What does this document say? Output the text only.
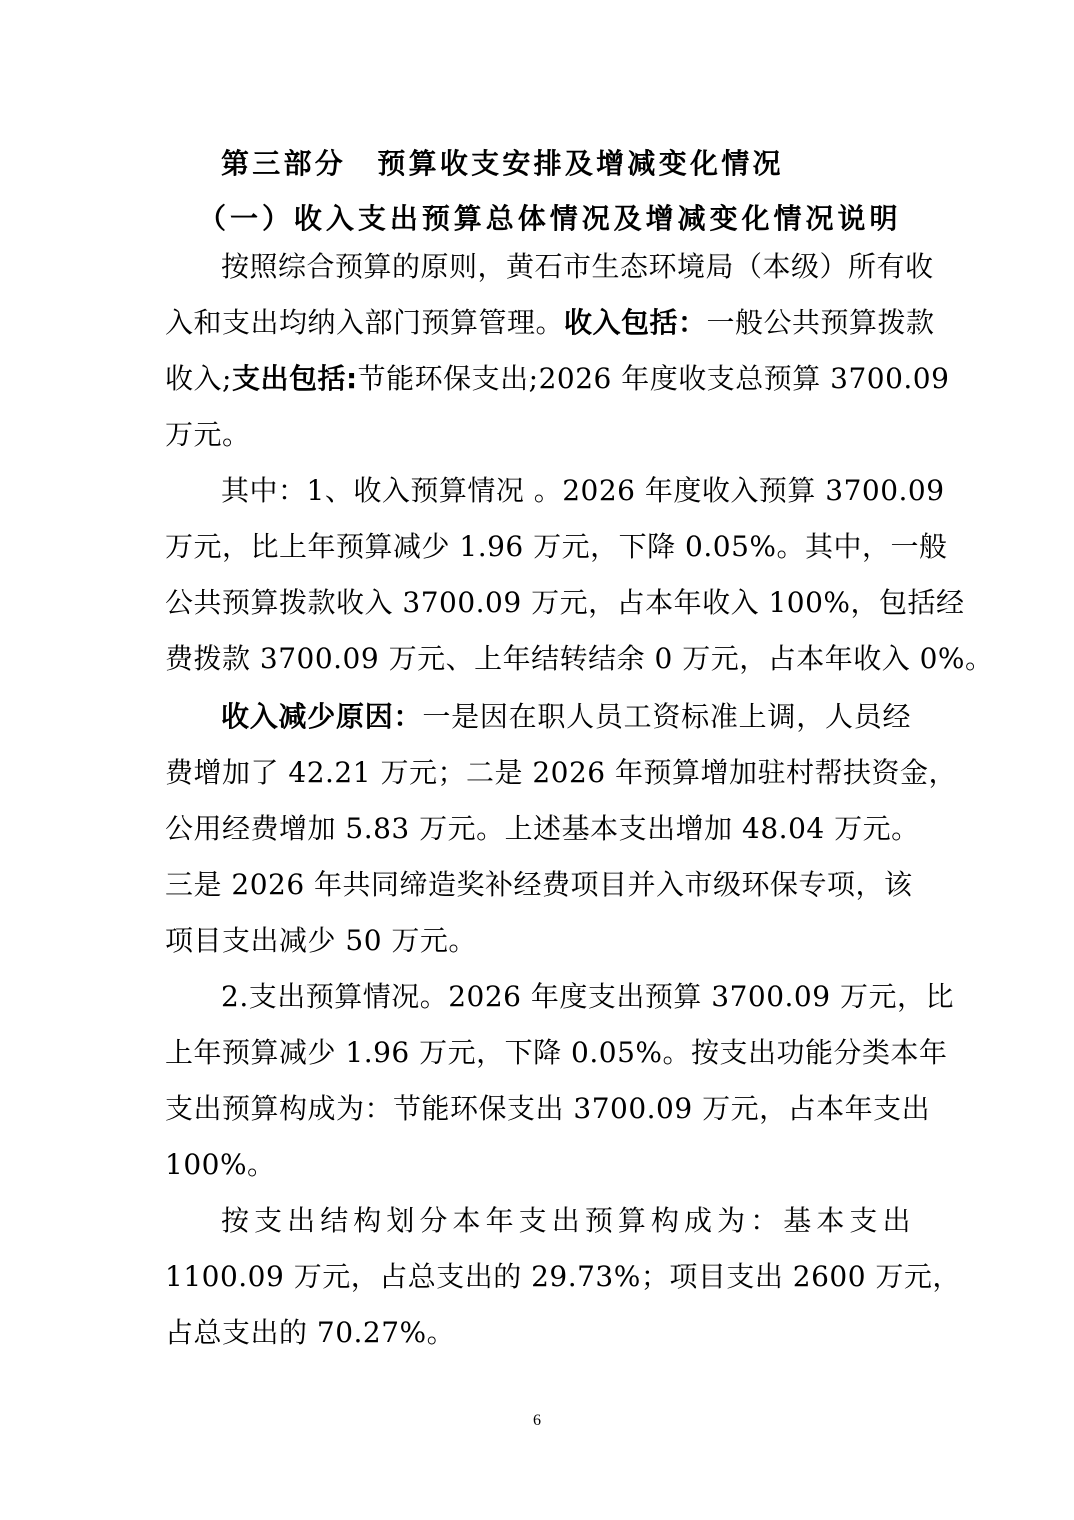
第三部分　预算收支安排及增减变化情况
（一）收入支出预算总体情况及增减变化情况说明
按照综合预算的原则，黄石市生态环境局（本级）所有收
入和支出均纳入部门预算管理。收入包括：一般公共预算拨款
收入;支出包括:节能环保支出;2026 年度收支总预算 3700.09
万元。
其中：1、收入预算情况 。2026 年度收入预算 3700.09
万元，比上年预算减少 1.96 万元，下降 0.05%。其中，一般
公共预算拨款收入 3700.09 万元，占本年收入 100%，包括经
费拨款 3700.09 万元、上年结转结余 0 万元，占本年收入 0%。
收入减少原因：一是因在职人员工资标准上调，人员经
费增加了 42.21 万元；二是 2026 年预算增加驻村帮扶资金，
公用经费增加 5.83 万元。上述基本支出增加 48.04 万元。
三是 2026 年共同缔造奖补经费项目并入市级环保专项，该
项目支出减少 50 万元。
2.支出预算情况。2026 年度支出预算 3700.09 万元，比
上年预算减少 1.96 万元，下降 0.05%。按支出功能分类本年
支出预算构成为：节能环保支出 3700.09 万元，占本年支出
100%。
按支出结构划分本年支出预算构成为：基本支出
1100.09 万元，占总支出的 29.73%；项目支出 2600 万元，
占总支出的 70.27%。
6
